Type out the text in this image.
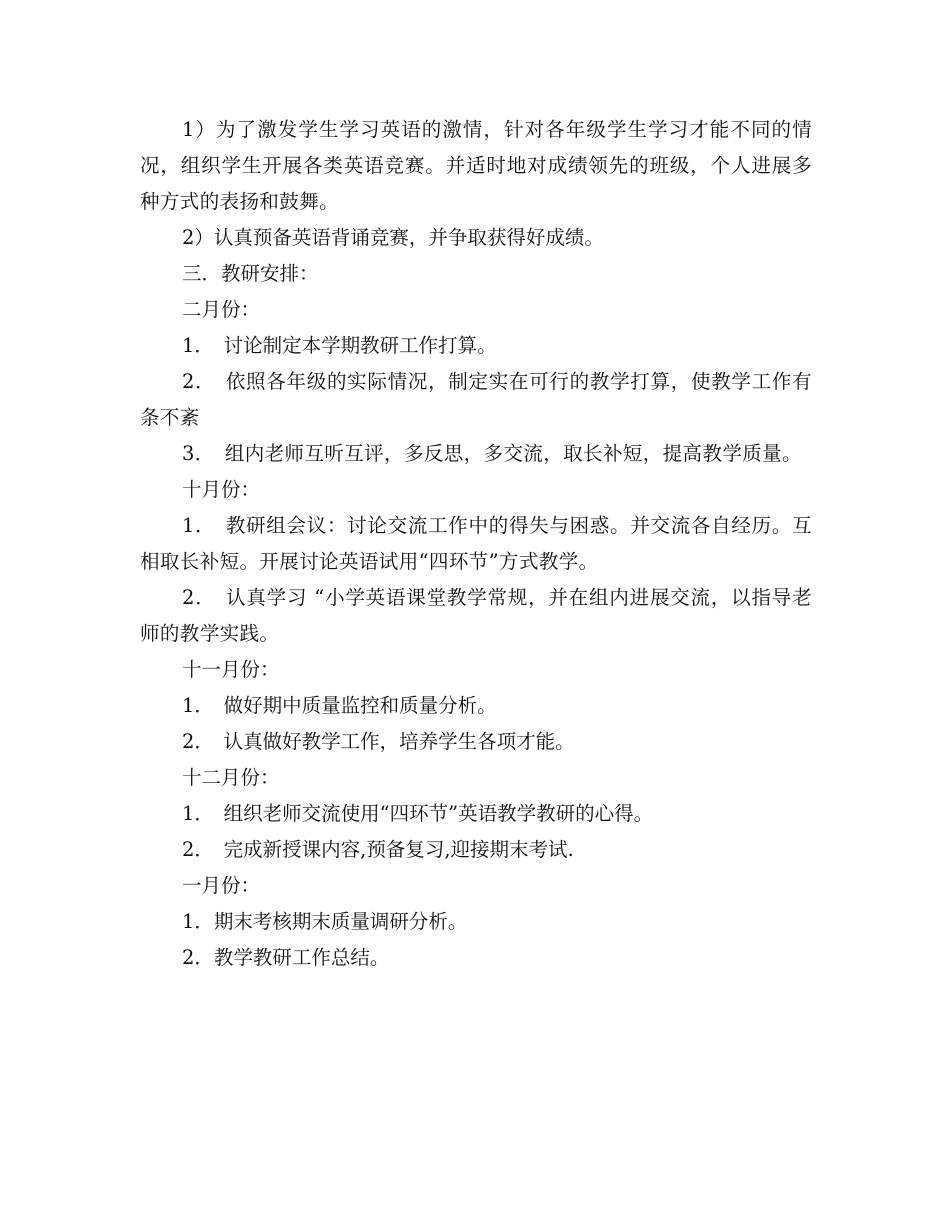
1）为了激发学生学习英语的激情，针对各年级学生学习才能不同的情况，组织学生开展各类英语竞赛。并适时地对成绩领先的班级，个人进展多种方式的表扬和鼓舞。

2）认真预备英语背诵竞赛，并争取获得好成绩。

三．教研安排：

二月份：

1．　讨论制定本学期教研工作打算。

2．　依照各年级的实际情况，制定实在可行的教学打算，使教学工作有条不紊

3．　组内老师互听互评，多反思，多交流，取长补短，提高教学质量。

十月份：

1．　教研组会议：讨论交流工作中的得失与困惑。并交流各自经历。互相取长补短。开展讨论英语试用“四环节”方式教学。

2．　认真学习 “小学英语课堂教学常规，并在组内进展交流，以指导老师的教学实践。

十一月份：

1．　做好期中质量监控和质量分析。

2．　认真做好教学工作，培养学生各项才能。

十二月份：

1．　组织老师交流使用“四环节”英语教学教研的心得。

2．　完成新授课内容,预备复习,迎接期末考试.

一月份：

1．期末考核期末质量调研分析。

2．教学教研工作总结。
